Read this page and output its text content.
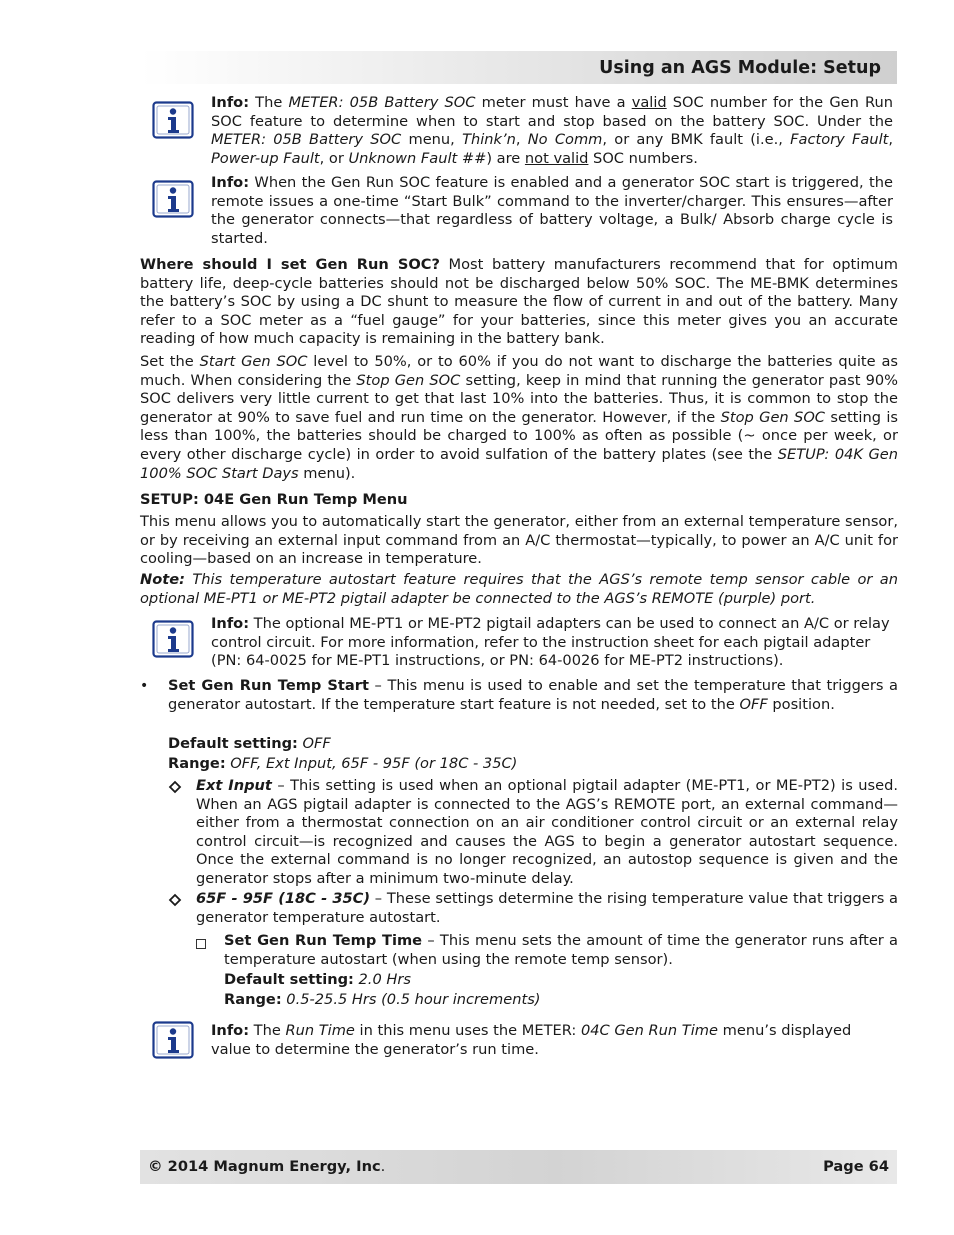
Using an AGS Module: Setup

Info: The METER: 05B Battery SOC meter must have a valid SOC number for the Gen Run SOC feature to determine when to start and stop based on the battery SOC. Under the METER: 05B Battery SOC menu, Think’n, No Comm, or any BMK fault (i.e., Factory Fault, Power-up Fault, or Unknown Fault ##) are not valid SOC numbers.

Info: When the Gen Run SOC feature is enabled and a generator SOC start is triggered, the remote issues a one-time “Start Bulk” command to the inverter/charger. This ensures—after the generator connects—that regardless of battery voltage, a Bulk/ Absorb charge cycle is started.

Where should I set Gen Run SOC? Most battery manufacturers recommend that for optimum battery life, deep-cycle batteries should not be discharged below 50% SOC. The ME-BMK determines the battery’s SOC by using a DC shunt to measure the flow of current in and out of the battery. Many refer to a SOC meter as a “fuel gauge” for your batteries, since this meter gives you an accurate reading of how much capacity is remaining in the battery bank.

Set the Start Gen SOC level to 50%, or to 60% if you do not want to discharge the batteries quite as much. When considering the Stop Gen SOC setting, keep in mind that running the generator past 90% SOC delivers very little current to get that last 10% into the batteries. Thus, it is common to stop the generator at 90% to save fuel and run time on the generator. However, if the Stop Gen SOC setting is less than 100%, the batteries should be charged to 100% as often as possible (~ once per week, or every other discharge cycle) in order to avoid sulfation of the battery plates (see the SETUP: 04K Gen 100% SOC Start Days menu).

SETUP: 04E Gen Run Temp Menu

This menu allows you to automatically start the generator, either from an external temperature sensor, or by receiving an external input command from an A/C thermostat—typically, to power an A/C unit for cooling—based on an increase in temperature.

Note: This temperature autostart feature requires that the AGS’s remote temp sensor cable or an optional ME-PT1 or ME-PT2 pigtail adapter be connected to the AGS’s REMOTE (purple) port.

Info: The optional ME-PT1 or ME-PT2 pigtail adapters can be used to connect an A/C or relay control circuit. For more information, refer to the instruction sheet for each pigtail adapter (PN: 64-0025 for ME-PT1 instructions, or PN: 64-0026 for ME-PT2 instructions).

• Set Gen Run Temp Start – This menu is used to enable and set the temperature that triggers a generator autostart. If the temperature start feature is not needed, set to the OFF position.

Default setting: OFF
Range: OFF, Ext Input, 65F - 95F (or 18C - 35C)

Ext Input – This setting is used when an optional pigtail adapter (ME-PT1, or ME-PT2) is used. When an AGS pigtail adapter is connected to the AGS’s REMOTE port, an external command—either from a thermostat connection on an air conditioner control circuit or an external relay control circuit—is recognized and causes the AGS to begin a generator autostart sequence. Once the external command is no longer recognized, an autostop sequence is given and the generator stops after a minimum two-minute delay.

65F - 95F (18C - 35C) – These settings determine the rising temperature value that triggers a generator temperature autostart.

Set Gen Run Temp Time – This menu sets the amount of time the generator runs after a temperature autostart (when using the remote temp sensor).

Default setting: 2.0 Hrs
Range: 0.5-25.5 Hrs (0.5 hour increments)

Info: The Run Time in this menu uses the METER: 04C Gen Run Time menu’s displayed value to determine the generator’s run time.

© 2014 Magnum Energy, Inc.	Page 64
